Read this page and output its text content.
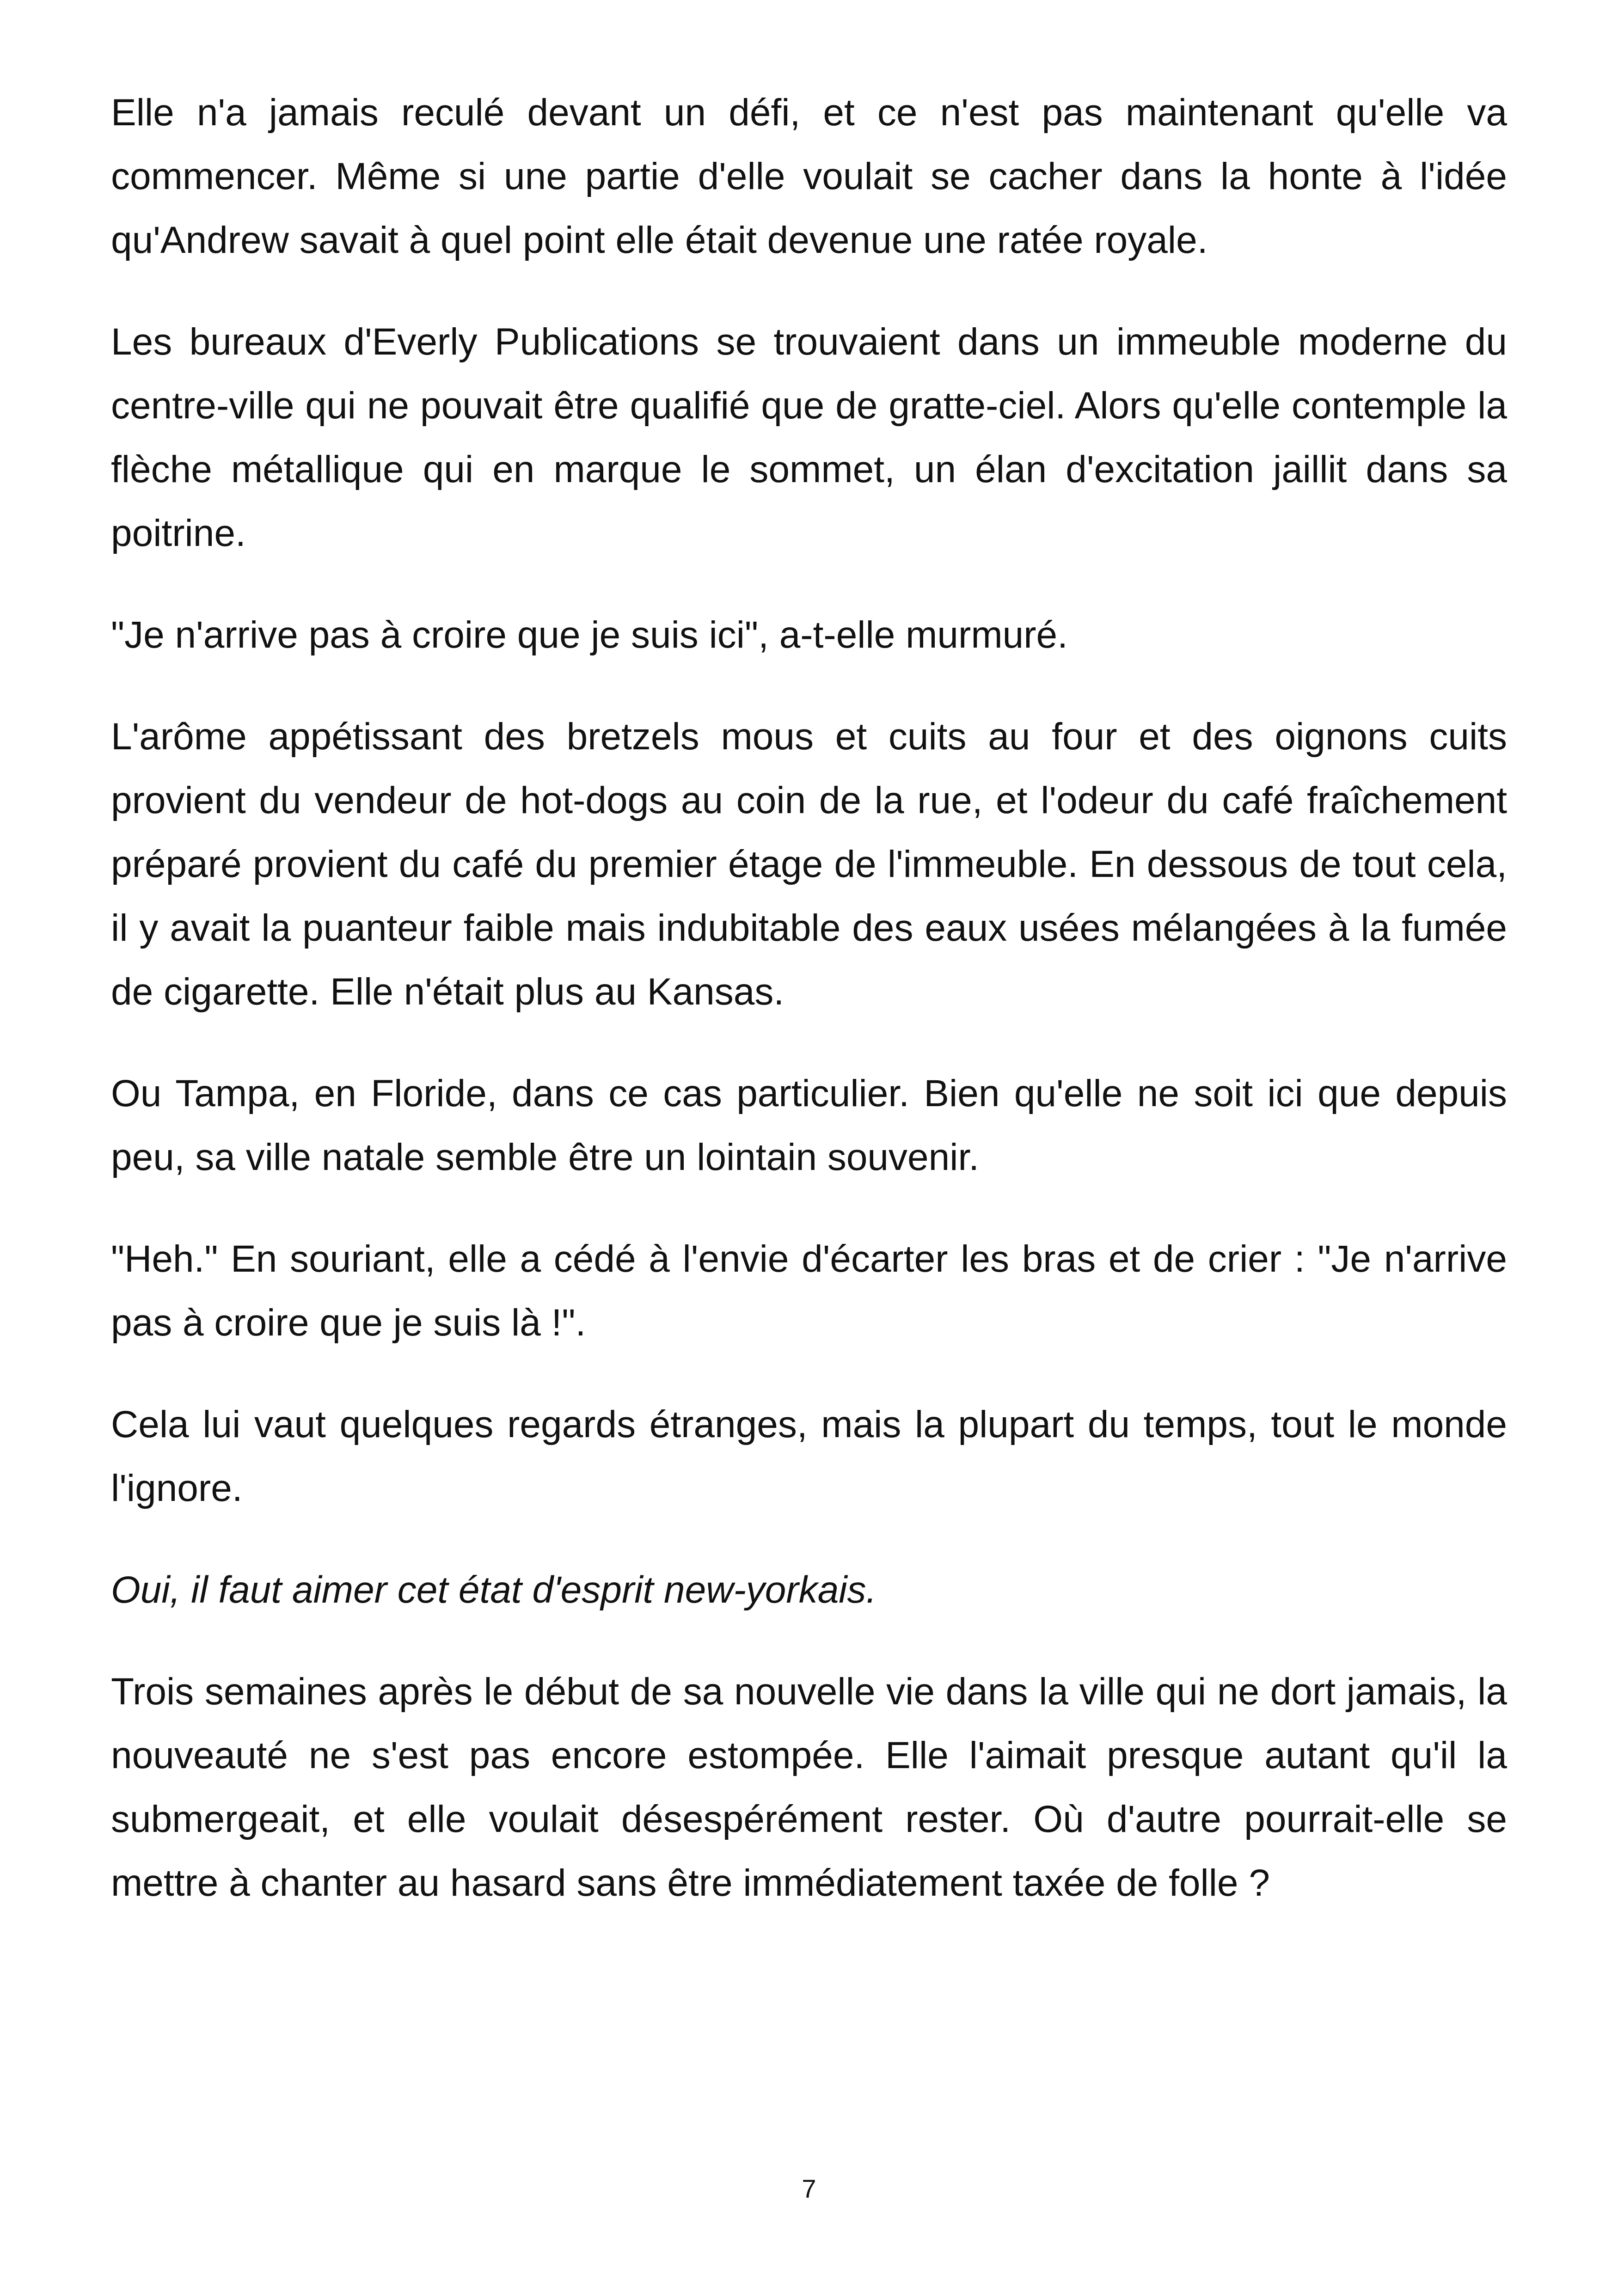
Elle n'a jamais reculé devant un défi, et ce n'est pas maintenant qu'elle va commencer. Même si une partie d'elle voulait se cacher dans la honte à l'idée qu'Andrew savait à quel point elle était devenue une ratée royale.

Les bureaux d'Everly Publications se trouvaient dans un immeuble moderne du centre-ville qui ne pouvait être qualifié que de gratte-ciel. Alors qu'elle contemple la flèche métallique qui en marque le sommet, un élan d'excitation jaillit dans sa poitrine.

"Je n'arrive pas à croire que je suis ici", a-t-elle murmuré.

L'arôme appétissant des bretzels mous et cuits au four et des oignons cuits provient du vendeur de hot-dogs au coin de la rue, et l'odeur du café fraîchement préparé provient du café du premier étage de l'immeuble. En dessous de tout cela, il y avait la puanteur faible mais indubitable des eaux usées mélangées à la fumée de cigarette. Elle n'était plus au Kansas.

Ou Tampa, en Floride, dans ce cas particulier. Bien qu'elle ne soit ici que depuis peu, sa ville natale semble être un lointain souvenir.

"Heh." En souriant, elle a cédé à l'envie d'écarter les bras et de crier : "Je n'arrive pas à croire que je suis là !".

Cela lui vaut quelques regards étranges, mais la plupart du temps, tout le monde l'ignore.

Oui, il faut aimer cet état d'esprit new-yorkais.

Trois semaines après le début de sa nouvelle vie dans la ville qui ne dort jamais, la nouveauté ne s'est pas encore estompée. Elle l'aimait presque autant qu'il la submergeait, et elle voulait désespérément rester. Où d'autre pourrait-elle se mettre à chanter au hasard sans être immédiatement taxée de folle ?

7
